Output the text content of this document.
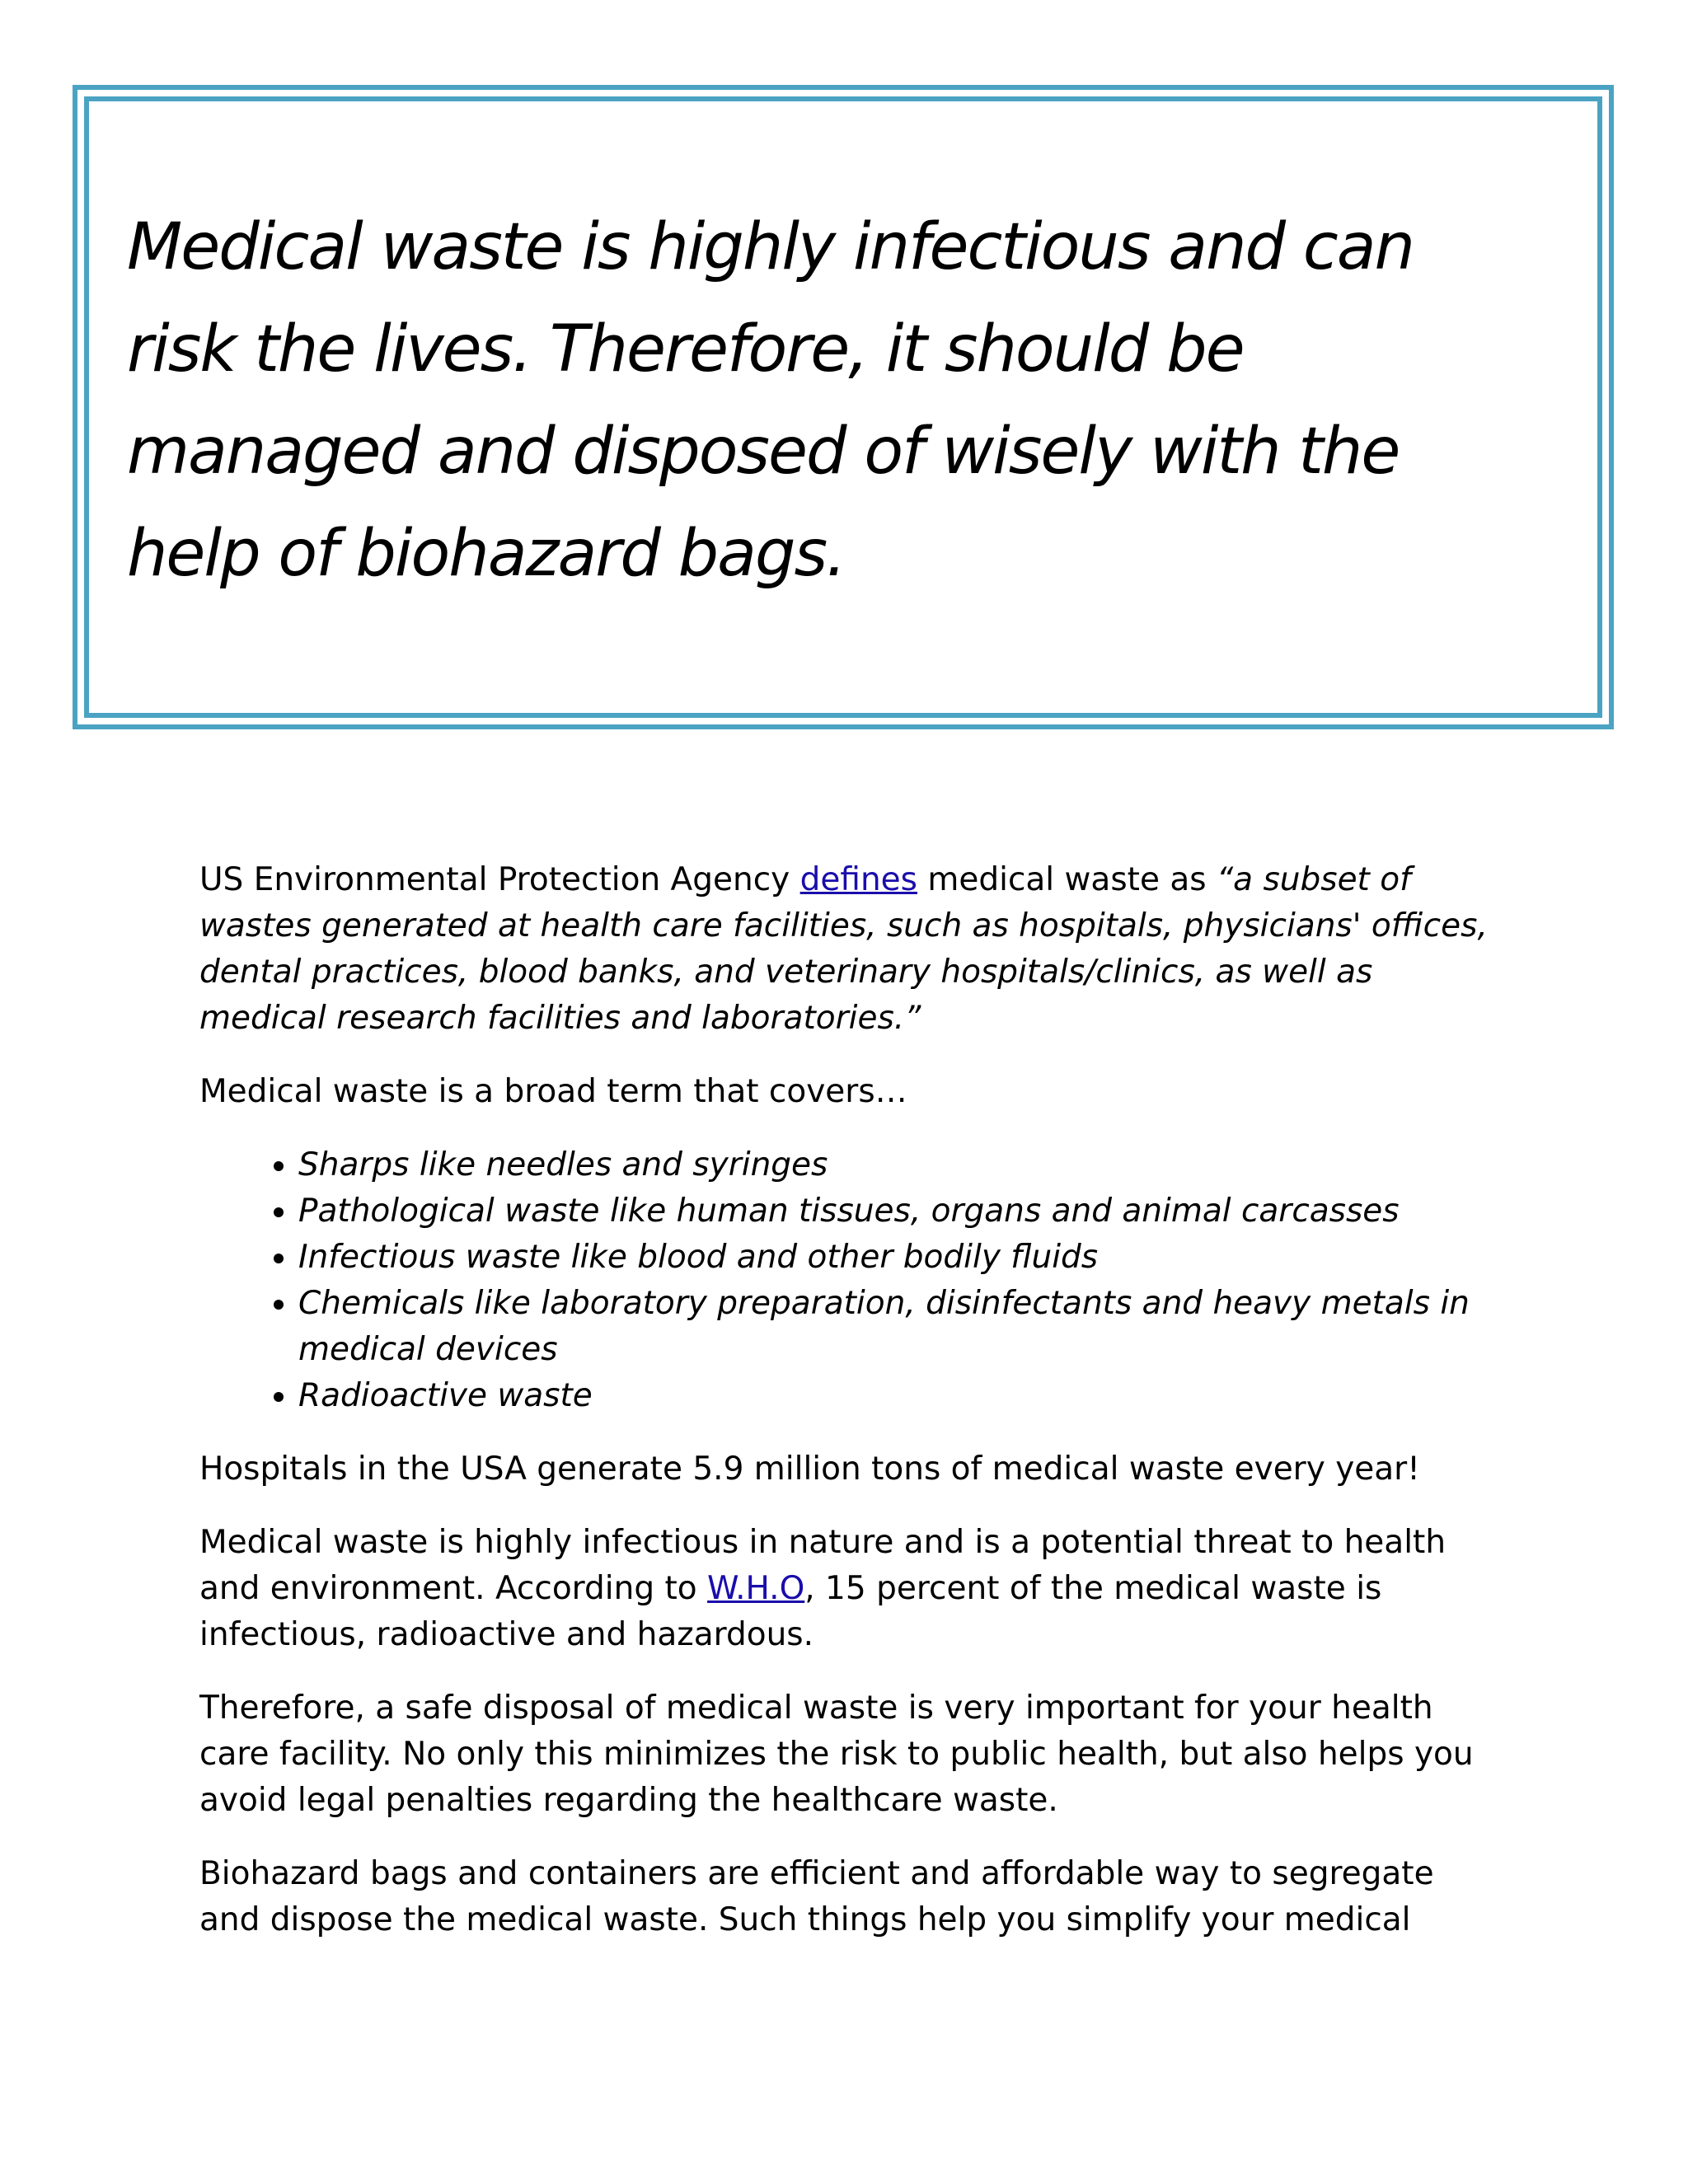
Medical waste is highly infectious and can risk the lives. Therefore, it should be managed and disposed of wisely with the help of biohazard bags.

US Environmental Protection Agency defines medical waste as “a subset of wastes generated at health care facilities, such as hospitals, physicians' offices, dental practices, blood banks, and veterinary hospitals/clinics, as well as medical research facilities and laboratories.”

Medical waste is a broad term that covers…

• Sharps like needles and syringes
• Pathological waste like human tissues, organs and animal carcasses
• Infectious waste like blood and other bodily fluids
• Chemicals like laboratory preparation, disinfectants and heavy metals in medical devices
• Radioactive waste

Hospitals in the USA generate 5.9 million tons of medical waste every year!

Medical waste is highly infectious in nature and is a potential threat to health and environment. According to W.H.O, 15 percent of the medical waste is infectious, radioactive and hazardous.

Therefore, a safe disposal of medical waste is very important for your health care facility. No only this minimizes the risk to public health, but also helps you avoid legal penalties regarding the healthcare waste.

Biohazard bags and containers are efficient and affordable way to segregate and dispose the medical waste. Such things help you simplify your medical
